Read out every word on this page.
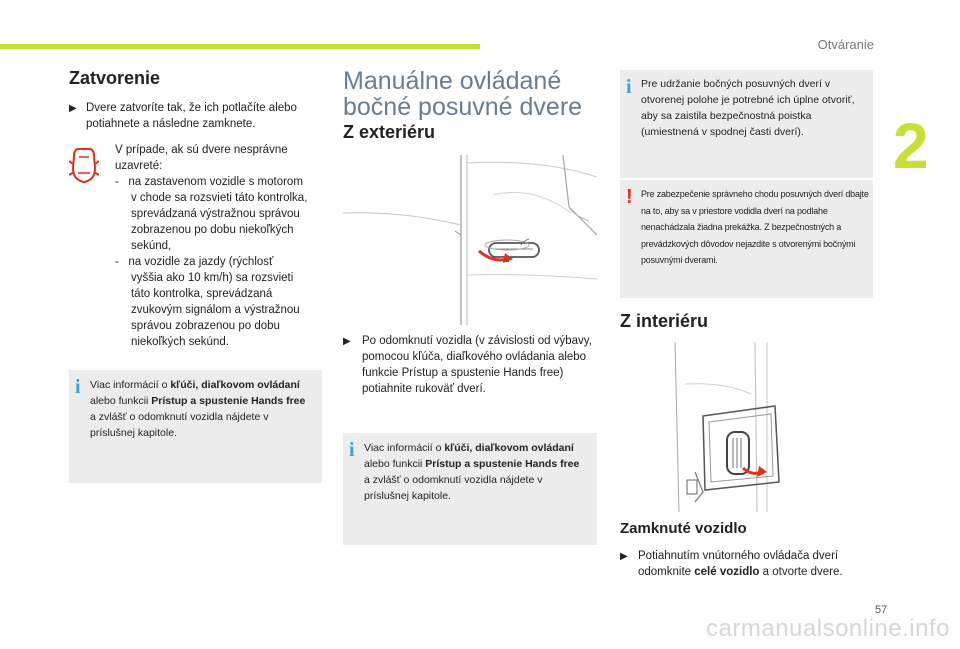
Otváranie
2
Zatvorenie
▶ Dvere zatvoríte tak, že ich potlačíte alebo potiahnete a následne zamknete.
V prípade, ak sú dvere nesprávne
uzavreté:
-   na zastavenom vozidle s motorom
v chode sa rozsvieti táto kontrolka,
sprevádzaná výstražnou správou
zobrazenou po dobu niekoľkých
sekúnd,
-   na vozidle za jazdy (rýchlosť
vyššia ako 10 km/h) sa rozsvieti
táto kontrolka, sprevádzaná
zvukovým signálom a výstražnou
správou zobrazenou po dobu
niekoľkých sekúnd.
i Viac informácií o kľúči, diaľkovom ovládaní alebo funkcii Prístup a spustenie Hands free a zvlášť o odomknutí vozidla nájdete v príslušnej kapitole.
Manuálne ovládané
bočné posuvné dvere
Z exteriéru
▶ Po odomknutí vozidla (v závislosti od výbavy, pomocou kľúča, diaľkového ovládania alebo funkcie Prístup a spustenie Hands free) potiahnite rukoväť dverí.
i Viac informácií o kľúči, diaľkovom ovládaní alebo funkcii Prístup a spustenie Hands free a zvlášť o odomknutí vozidla nájdete v príslušnej kapitole.
i Pre udržanie bočných posuvných dverí v otvorenej polohe je potrebné ich úplne otvoriť, aby sa zaistila bezpečnostná poistka (umiestnená v spodnej časti dverí).
! Pre zabezpečenie správneho chodu posuvných dverí dbajte na to, aby sa v priestore vodidla dverí na podlahe nenachádzala žiadna prekážka. Z bezpečnostných a prevádzkových dôvodov nejazdite s otvorenými bočnými posuvnými dverami.
Z interiéru
Zamknuté vozidlo
▶ Potiahnutím vnútorného ovládača dverí odomknite celé vozidlo a otvorte dvere.
57
carmanualsonline.info
